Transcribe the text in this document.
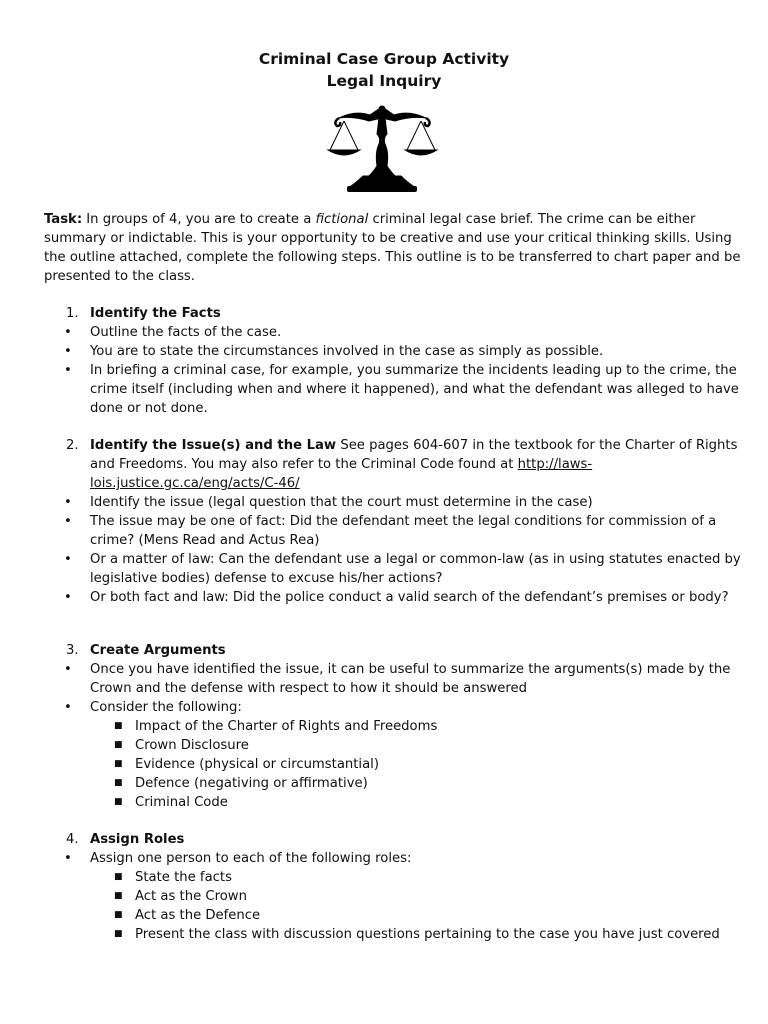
Criminal Case Group Activity
Legal Inquiry
Task: In groups of 4, you are to create a fictional criminal legal case brief. The crime can be either summary or indictable. This is your opportunity to be creative and use your critical thinking skills. Using the outline attached, complete the following steps. This outline is to be transferred to chart paper and be presented to the class.
1. Identify the Facts
• Outline the facts of the case.
• You are to state the circumstances involved in the case as simply as possible.
• In briefing a criminal case, for example, you summarize the incidents leading up to the crime, the crime itself (including when and where it happened), and what the defendant was alleged to have done or not done.
2. Identify the Issue(s) and the Law See pages 604-607 in the textbook for the Charter of Rights and Freedoms. You may also refer to the Criminal Code found at http://laws-lois.justice.gc.ca/eng/acts/C-46/
• Identify the issue (legal question that the court must determine in the case)
• The issue may be one of fact: Did the defendant meet the legal conditions for commission of a crime? (Mens Read and Actus Rea)
• Or a matter of law: Can the defendant use a legal or common-law (as in using statutes enacted by legislative bodies) defense to excuse his/her actions?
• Or both fact and law: Did the police conduct a valid search of the defendant’s premises or body?
3. Create Arguments
• Once you have identified the issue, it can be useful to summarize the arguments(s) made by the Crown and the defense with respect to how it should be answered
• Consider the following:
■ Impact of the Charter of Rights and Freedoms
■ Crown Disclosure
■ Evidence (physical or circumstantial)
■ Defence (negativing or affirmative)
■ Criminal Code
4. Assign Roles
• Assign one person to each of the following roles:
■ State the facts
■ Act as the Crown
■ Act as the Defence
■ Present the class with discussion questions pertaining to the case you have just covered
